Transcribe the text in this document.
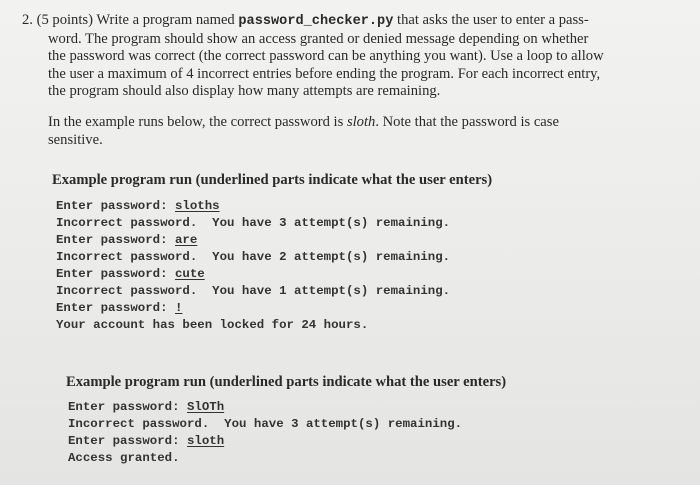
2. (5 points) Write a program named password_checker.py that asks the user to enter a pass-
word. The program should show an access granted or denied message depending on whether
the password was correct (the correct password can be anything you want). Use a loop to allow
the user a maximum of 4 incorrect entries before ending the program. For each incorrect entry,
the program should also display how many attempts are remaining.
In the example runs below, the correct password is sloth. Note that the password is case
sensitive.
Example program run (underlined parts indicate what the user enters)
Enter password: sloths
Incorrect password.  You have 3 attempt(s) remaining.
Enter password: are
Incorrect password.  You have 2 attempt(s) remaining.
Enter password: cute
Incorrect password.  You have 1 attempt(s) remaining.
Enter password: !
Your account has been locked for 24 hours.
Example program run (underlined parts indicate what the user enters)
Enter password: SlOTh
Incorrect password.  You have 3 attempt(s) remaining.
Enter password: sloth
Access granted.
